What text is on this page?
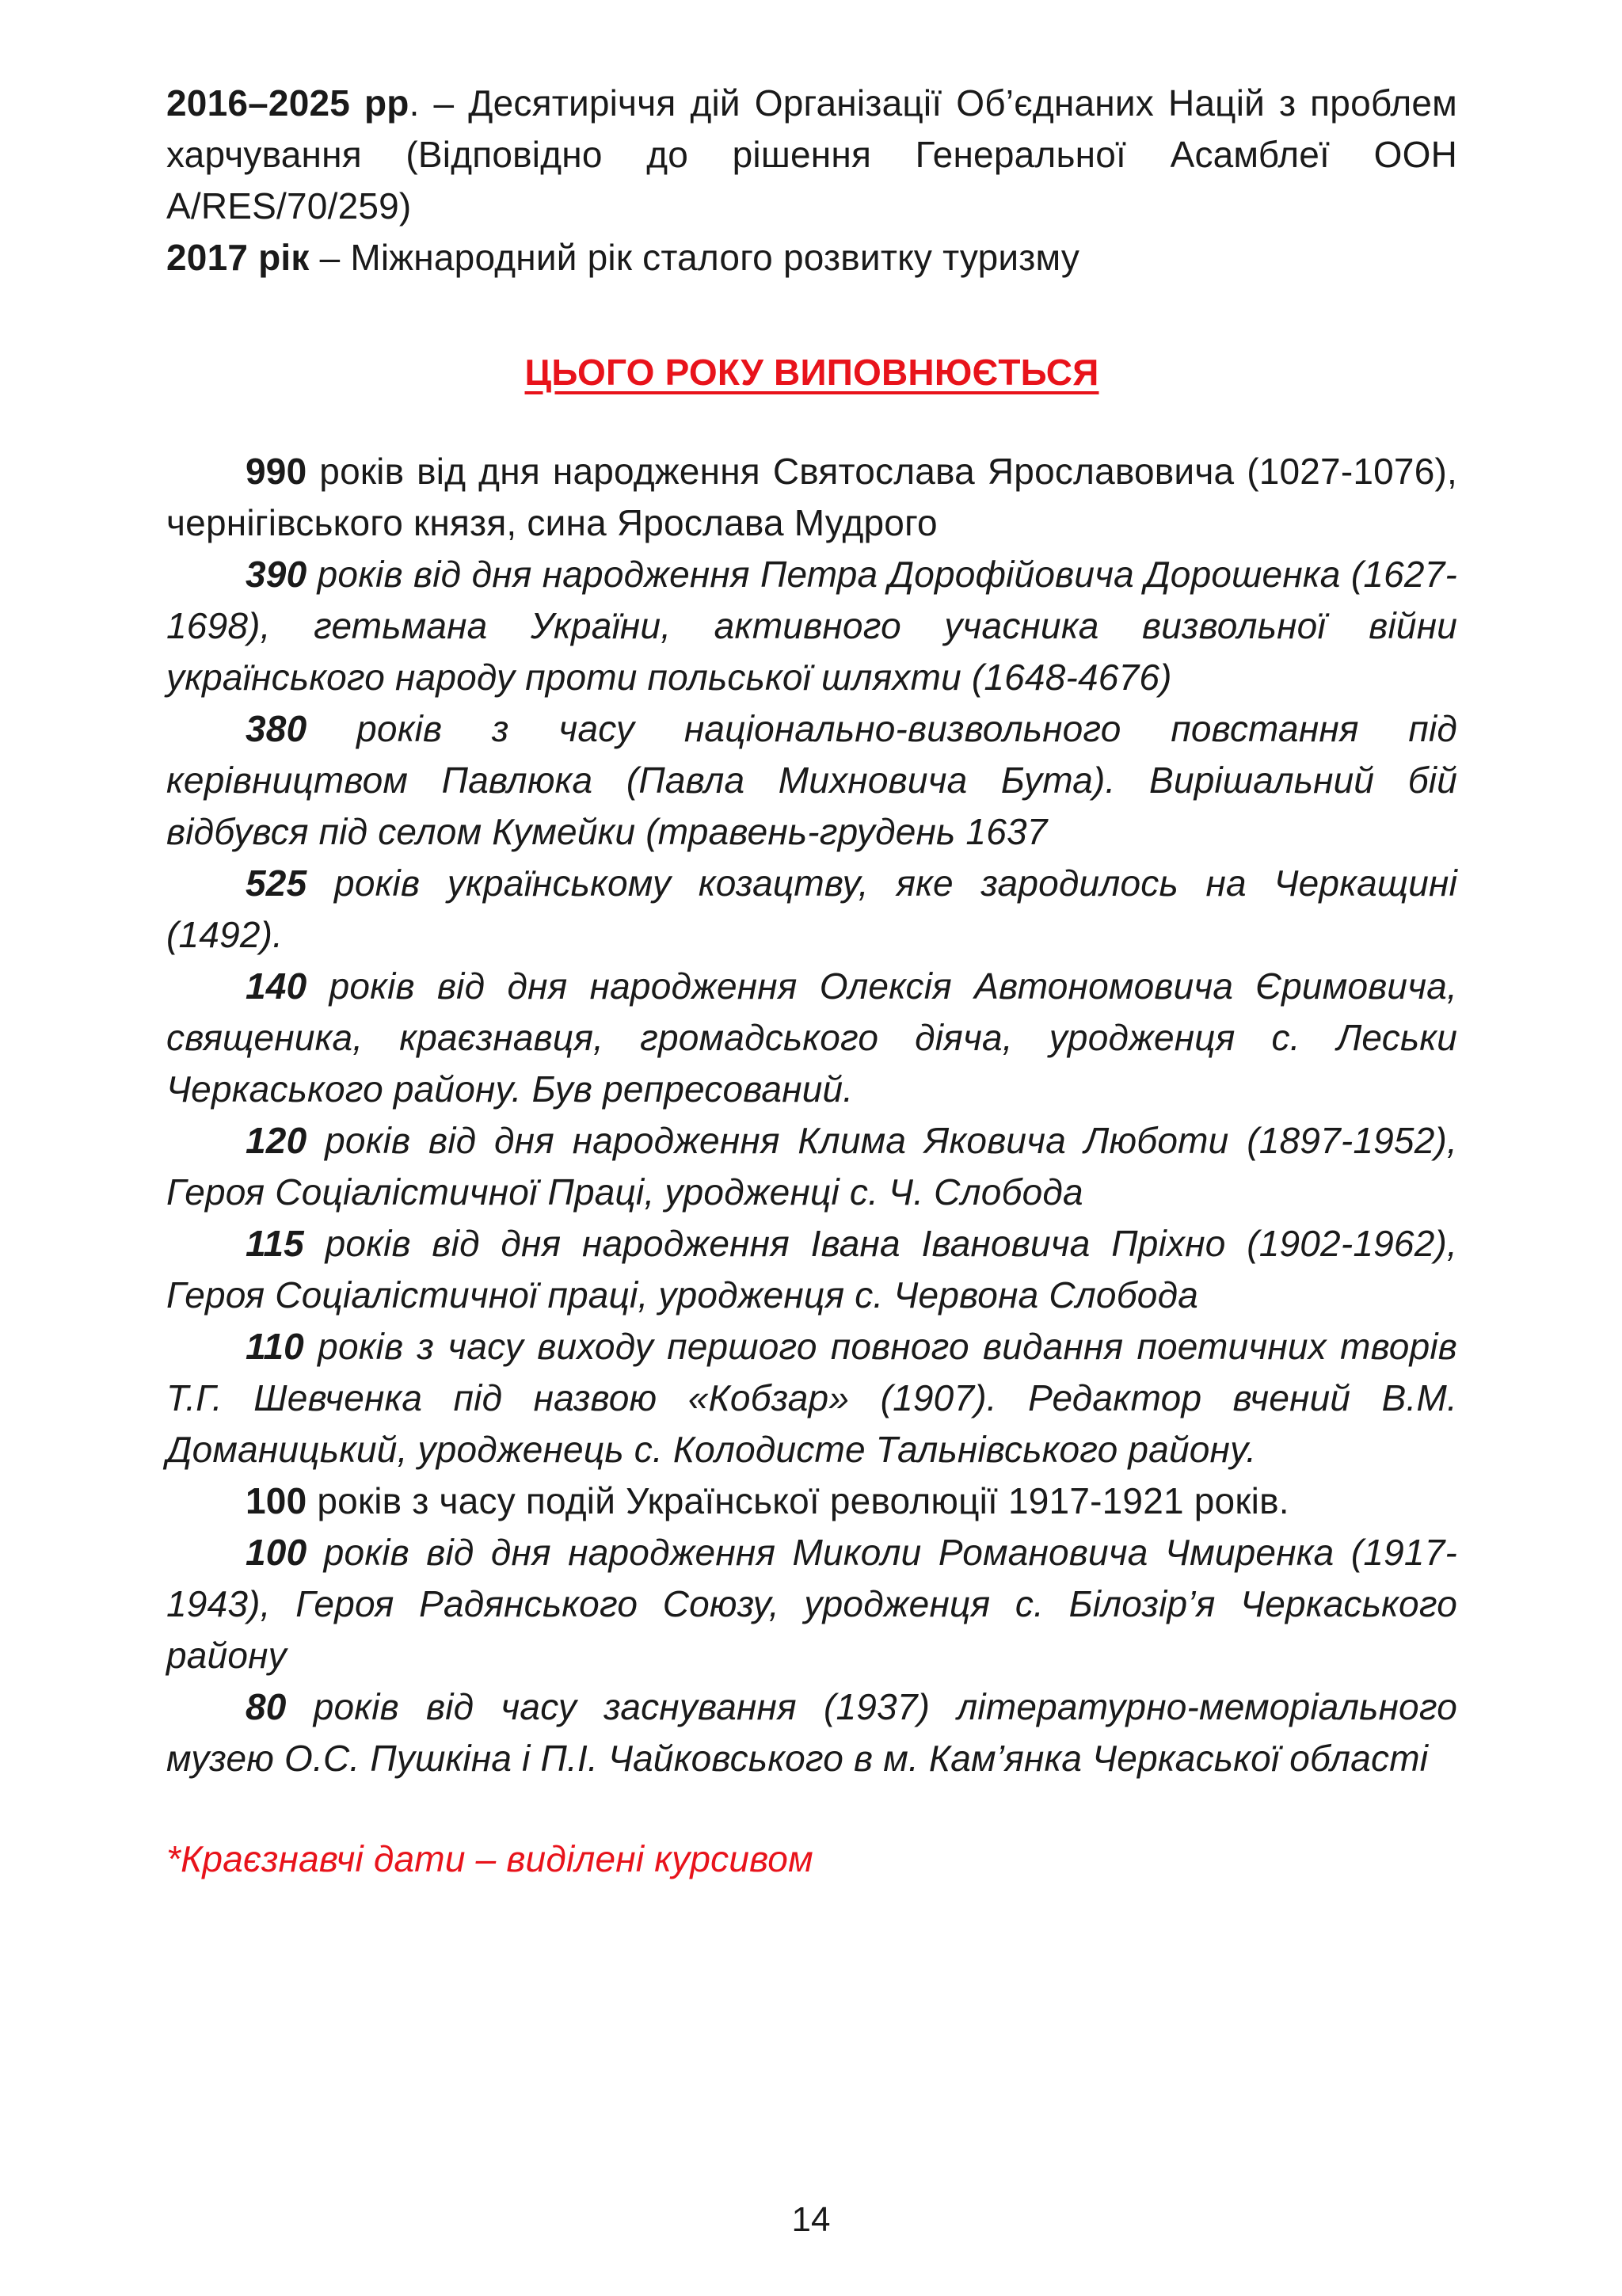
2016–2025 рр. – Десятиріччя дій Організації Об’єднаних Націй з проблем харчування (Відповідно до рішення Генеральної Асамблеї ООН A/RES/70/259)

2017 рік – Міжнародний рік сталого розвитку туризму

ЦЬОГО РОКУ ВИПОВНЮЄТЬСЯ

990 років від дня народження Святослава Ярославовича (1027-1076), чернігівського князя, сина Ярослава Мудрого

390 років від дня народження Петра Дорофійовича Дорошенка (1627-1698), гетьмана України, активного учасника визвольної війни українського народу проти польської шляхти (1648-4676)

380 років з часу національно-визвольного повстання під керівництвом Павлюка (Павла Михновича Бута). Вирішальний бій відбувся під селом Кумейки (травень-грудень 1637

525 років українському козацтву, яке зародилось на Черкащині (1492).

140 років від дня народження Олексія Автономовича Єримовича, священика, краєзнавця, громадського діяча, уродженця с. Леськи Черкаського району. Був репресований.

120 років від дня народження Клима Яковича Люботи (1897-1952), Героя Соціалістичної Праці, уродженці с. Ч. Слобода

115 років від дня народження Івана Івановича Пріхно (1902-1962), Героя Соціалістичної праці, уродженця с. Червона Слобода

110 років з часу виходу першого повного видання поетичних творів Т.Г. Шевченка під назвою «Кобзар» (1907). Редактор вчений В.М. Доманицький, уродженець с. Колодисте Тальнівського району.

100 років з часу подій Української революції 1917-1921 років.

100 років від дня народження Миколи Романовича Чмиренка (1917-1943), Героя Радянського Союзу, уродженця с. Білозір’я Черкаського району

80 років від часу заснування (1937) літературно-меморіального музею О.С. Пушкіна і П.І. Чайковського в м. Кам’янка Черкаської області

*Краєзнавчі дати – виділені курсивом

14
